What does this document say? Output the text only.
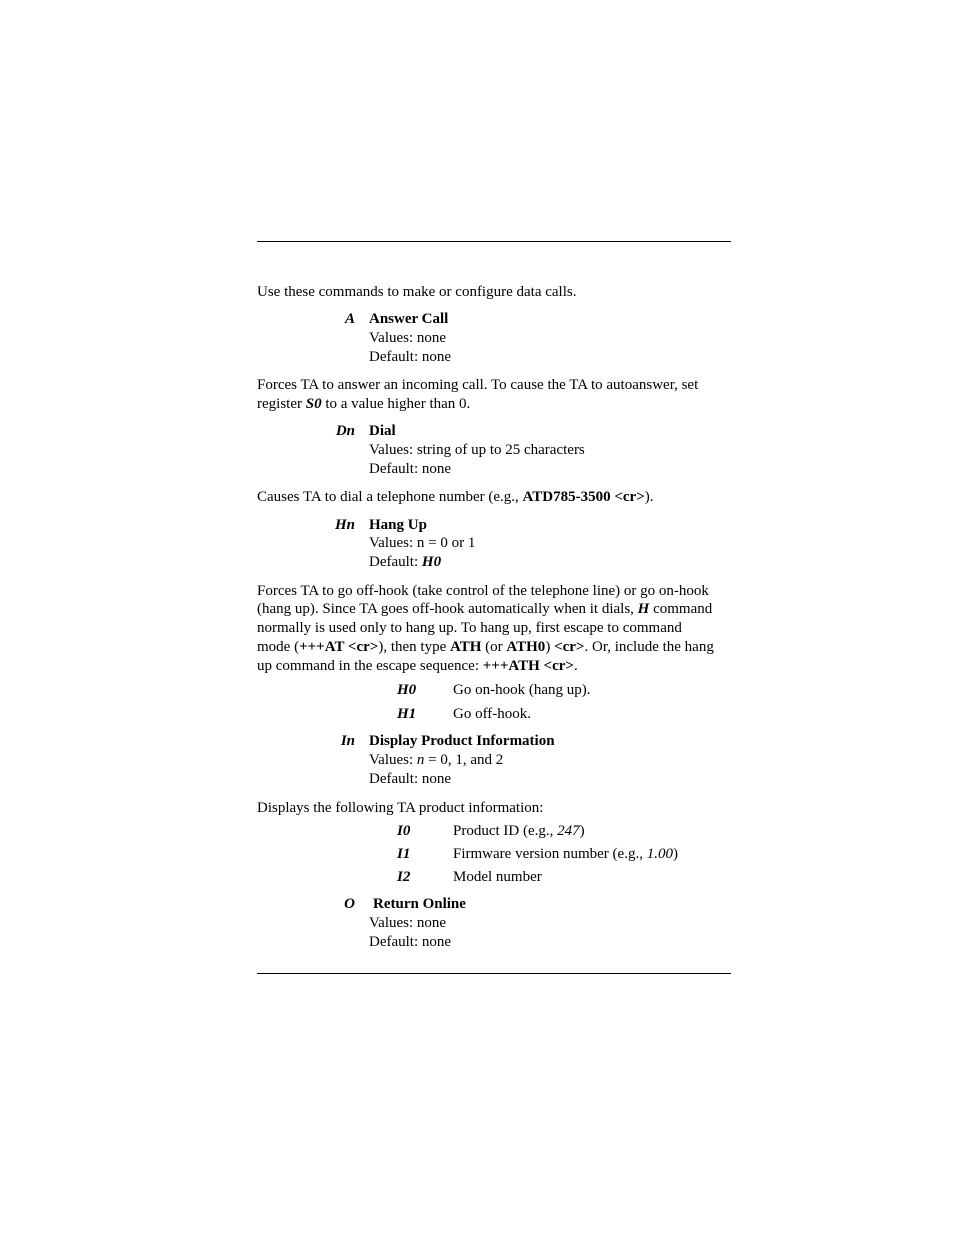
Use these commands to make or configure data calls.
A Answer Call
Values: none
Default: none
Forces TA to answer an incoming call. To cause the TA to autoanswer, set
register S0 to a value higher than 0.
Dn Dial
Values: string of up to 25 characters
Default: none
Causes TA to dial a telephone number (e.g., ATD785-3500 <cr>).
Hn Hang Up
Values: n = 0 or 1
Default: H0
Forces TA to go off-hook (take control of the telephone line) or go on-hook
(hang up). Since TA goes off-hook automatically when it dials, H command
normally is used only to hang up. To hang up, first escape to command
mode (+++AT <cr>), then type ATH (or ATH0) <cr>. Or, include the hang
up command in the escape sequence: +++ATH <cr>.
H0 Go on-hook (hang up).
H1 Go off-hook.
In Display Product Information
Values: n = 0, 1, and 2
Default: none
Displays the following TA product information:
I0	Product ID (e.g., 247)
I1	Firmware version number (e.g., 1.00)
I2	Model number
O Return Online
Values: none
Default: none
